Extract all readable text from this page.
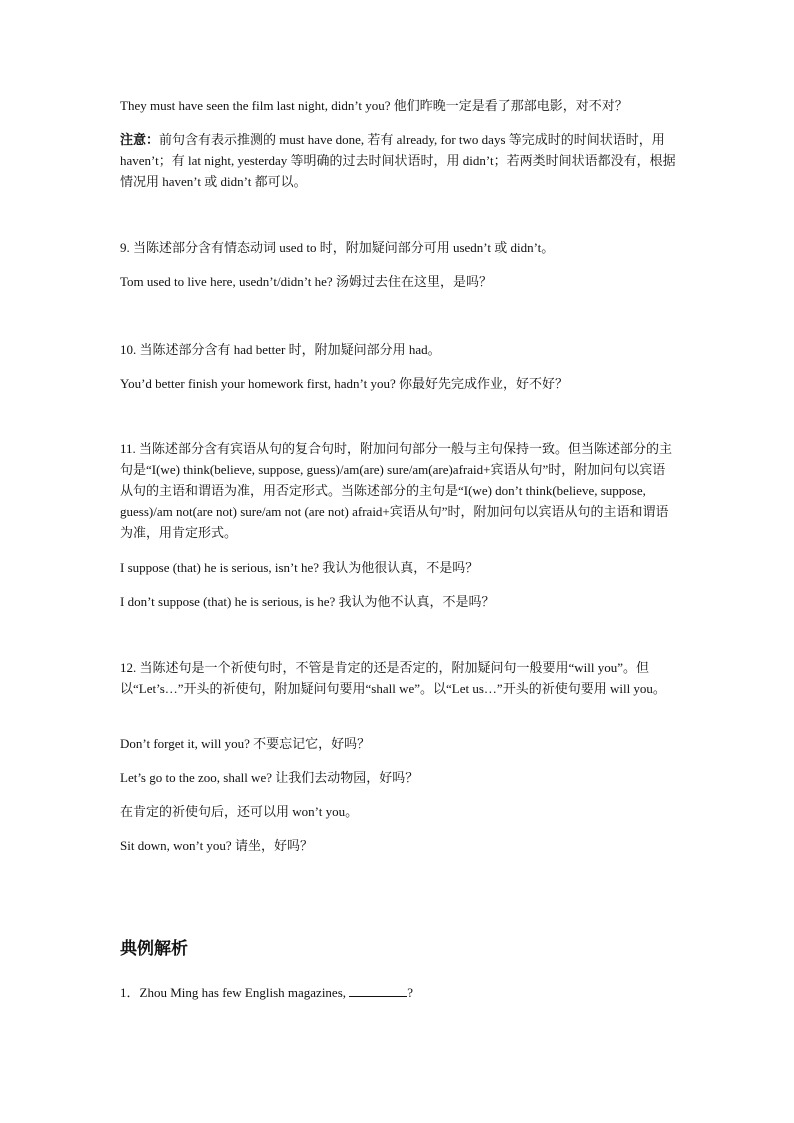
They must have seen the film last night, didn’t you? 他们昨晚一定是看了那部电影，对不对？
注意：前句含有表示推测的 must have done, 若有 already, for two days 等完成时的时间状语时，用 haven’t；有 lat night, yesterday 等明确的过去时间状语时，用 didn’t；若两类时间状语都没有，根据情况用 haven’t 或 didn’t 都可以。
9. 当陈述部分含有情态动词 used to 时，附加疑问部分可用 usedn’t 或 didn’t。
Tom used to live here, usedn’t/didn’t he? 汤姆过去住在这里，是吗？
10. 当陈述部分含有 had better 时，附加疑问部分用 had。
You’d better finish your homework first, hadn’t you? 你最好先完成作业，好不好？
11. 当陈述部分含有宾语从句的复合句时，附加问句部分一般与主句保持一致。但当陈述部分的主句是“I(we) think(believe, suppose, guess)/am(are) sure/am(are)afraid+宾语从句”时，附加问句以宾语从句的主语和谓语为准，用否定形式。当陈述部分的主句是“I(we) don’t think(believe, suppose, guess)/am not(are not) sure/am not (are not) afraid+宾语从句”时，附加问句以宾语从句的主语和谓语为准，用肯定形式。
I suppose (that) he is serious, isn’t he? 我认为他很认真，不是吗？
I don’t suppose (that) he is serious, is he? 我认为他不认真，不是吗？
12. 当陈述句是一个祈使句时，不管是肯定的还是否定的，附加疑问句一般要用“will you”。但以“Let’s…”开头的祈使句，附加疑问句要用“shall we”。以“Let us…”开头的祈使句要用 will you。
Don’t forget it, will you? 不要忘记它，好吗？
Let’s go to the zoo, shall we? 让我们去动物园，好吗？
在肯定的祈使句后，还可以用 won’t you。
Sit down, won’t you? 请坐，好吗？
典例解析
1．Zhou Ming has few English magazines,	?
